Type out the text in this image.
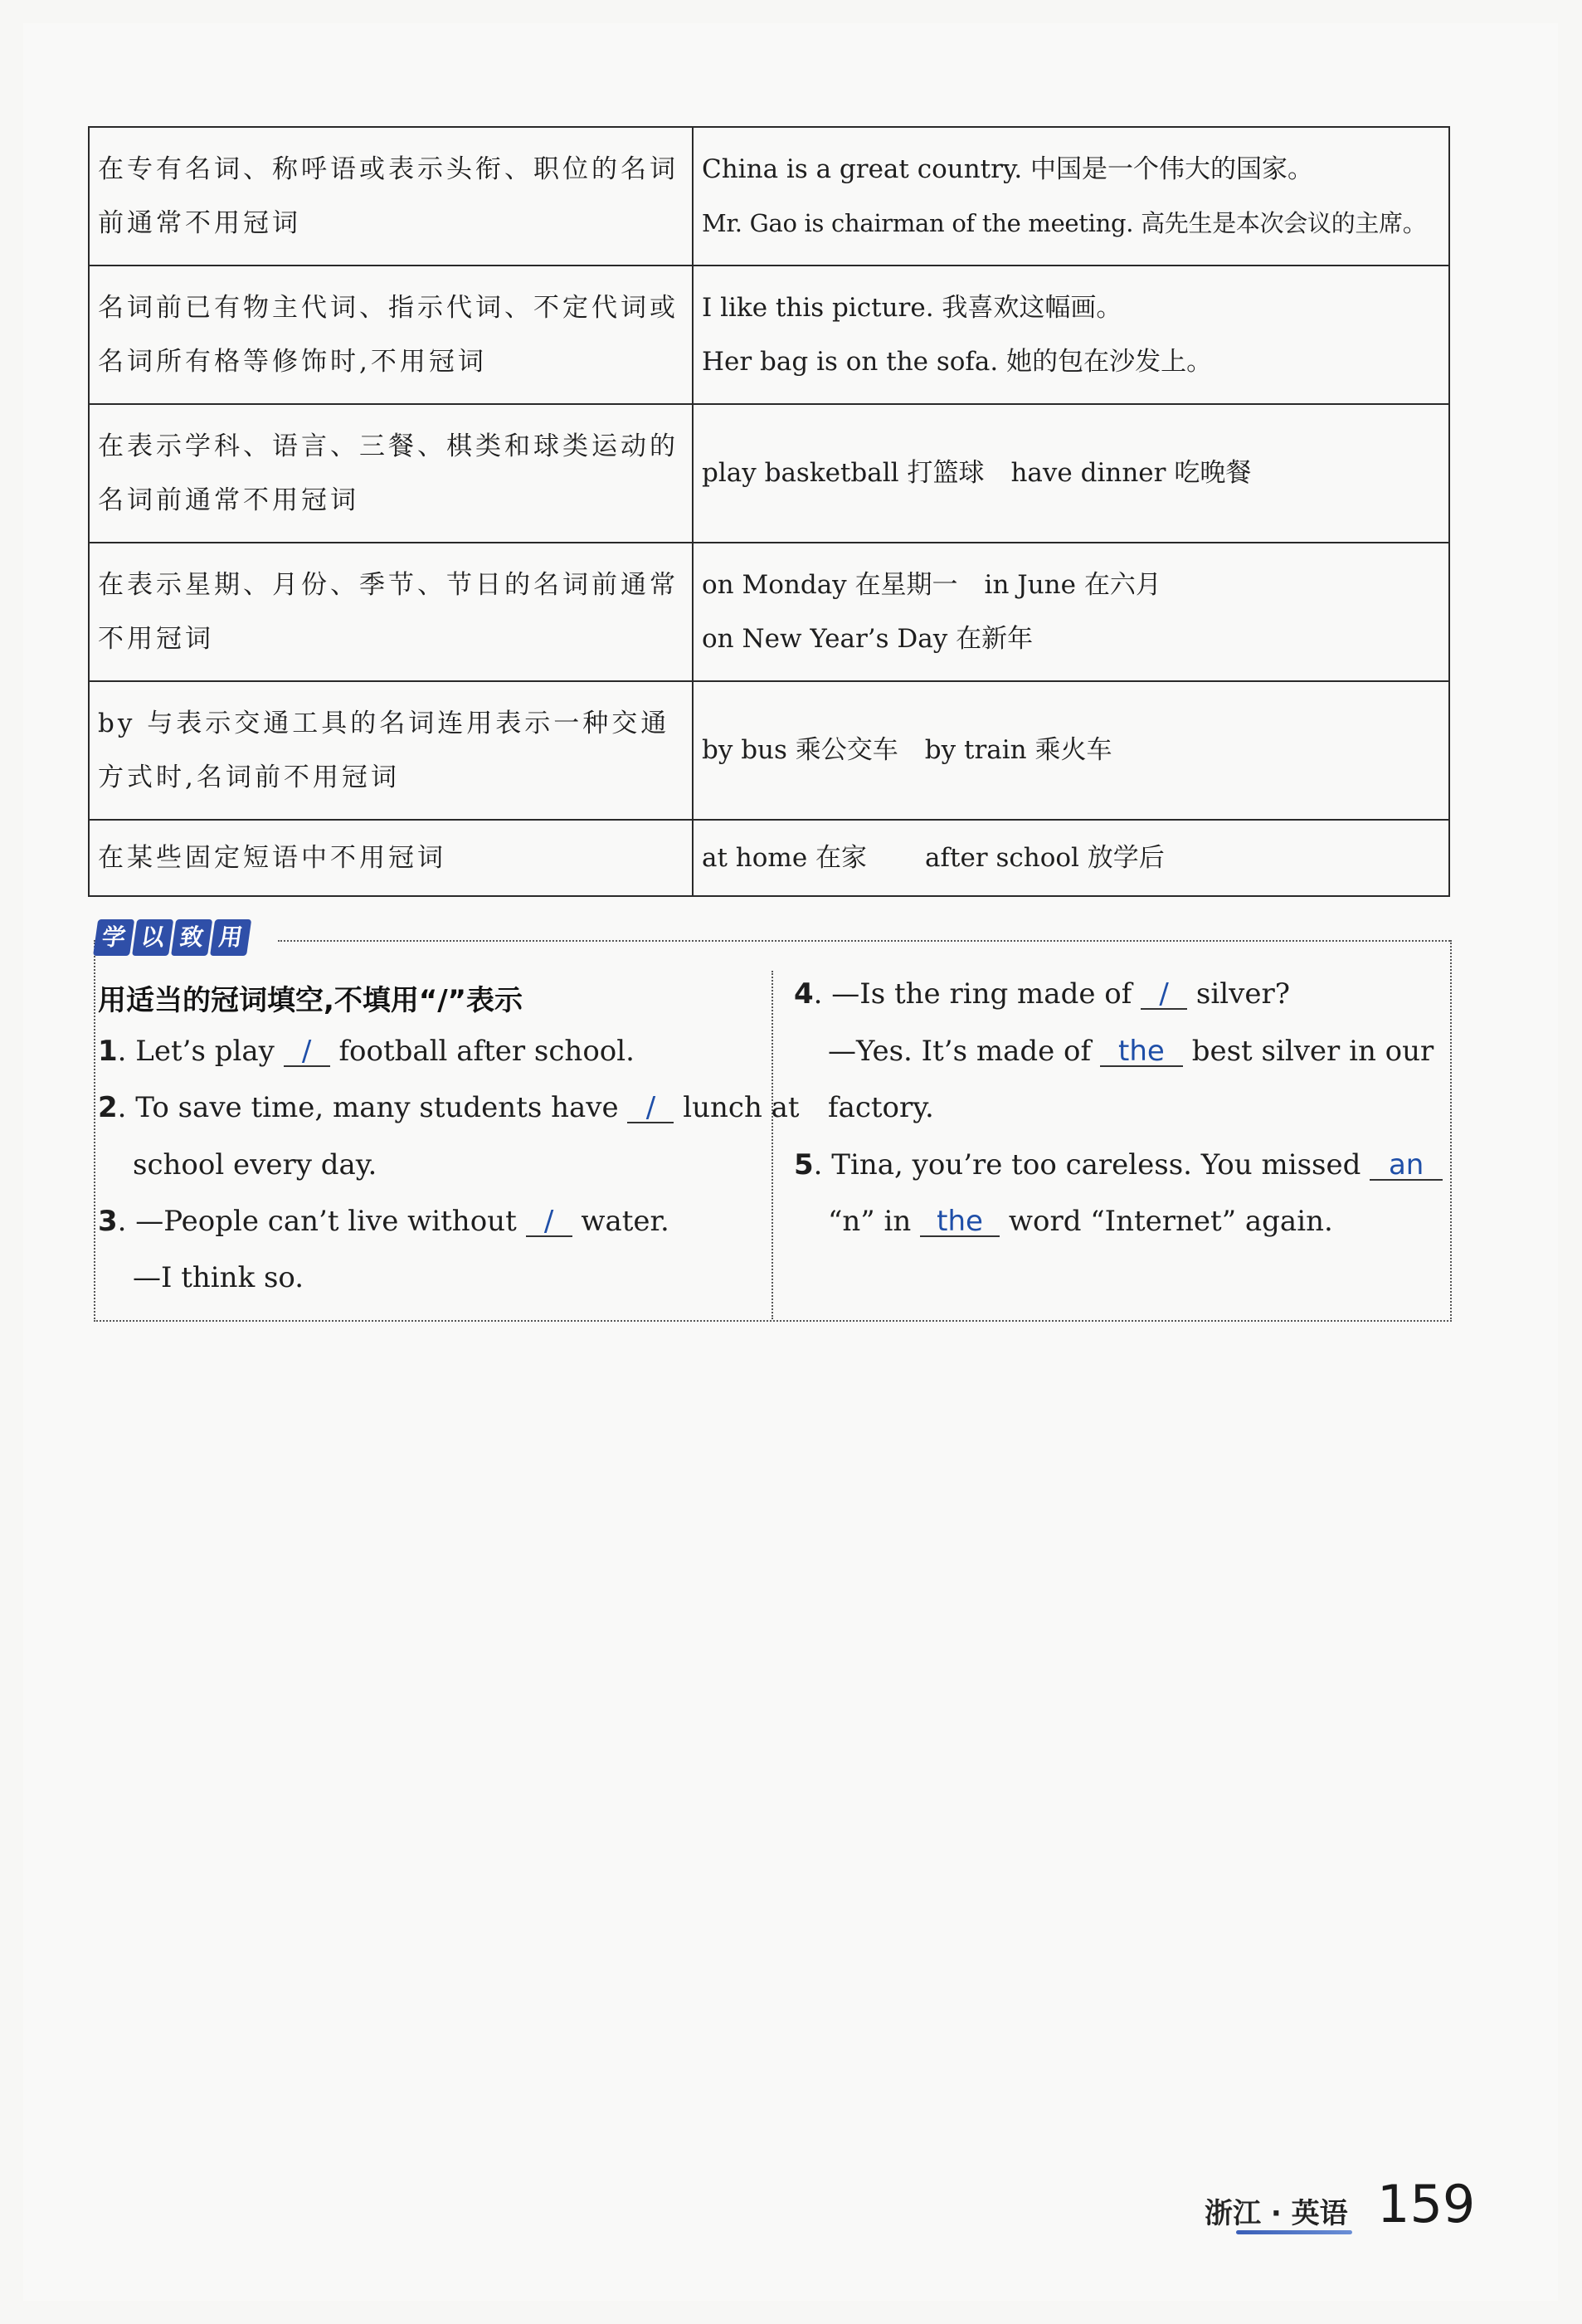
在专有名词、称呼语或表示头衔、职位的名词前通常不用冠词	China is a great country. 中国是一个伟大的国家。
Mr. Gao is chairman of the meeting. 高先生是本次会议的主席。

名词前已有物主代词、指示代词、不定代词或名词所有格等修饰时,不用冠词	I like this picture. 我喜欢这幅画。
Her bag is on the sofa. 她的包在沙发上。

在表示学科、语言、三餐、棋类和球类运动的名词前通常不用冠词	play basketball 打篮球 have dinner 吃晚餐
在表示星期、月份、季节、节日的名词前通常不用冠词	on Monday 在星期一 in June 在六月
on New Year’s Day 在新年

by 与表示交通工具的名词连用表示一种交通方式时,名词前不用冠词	by bus 乘公交车 by train 乘火车
在某些固定短语中不用冠词	at home 在家 after school 放学后
学 以 致 用
用适当的冠词填空,不填用“/”表示
1. Let’s play / football after school.
2. To save time, many students have / lunch at
school every day.
3. —People can’t live without / water.
—I think so.
4. —Is the ring made of / silver?
—Yes. It’s made of the best silver in our
factory.
5. Tina, you’re too careless. You missed an
“n” in the word “Internet” again.
浙江 · 英语 159
